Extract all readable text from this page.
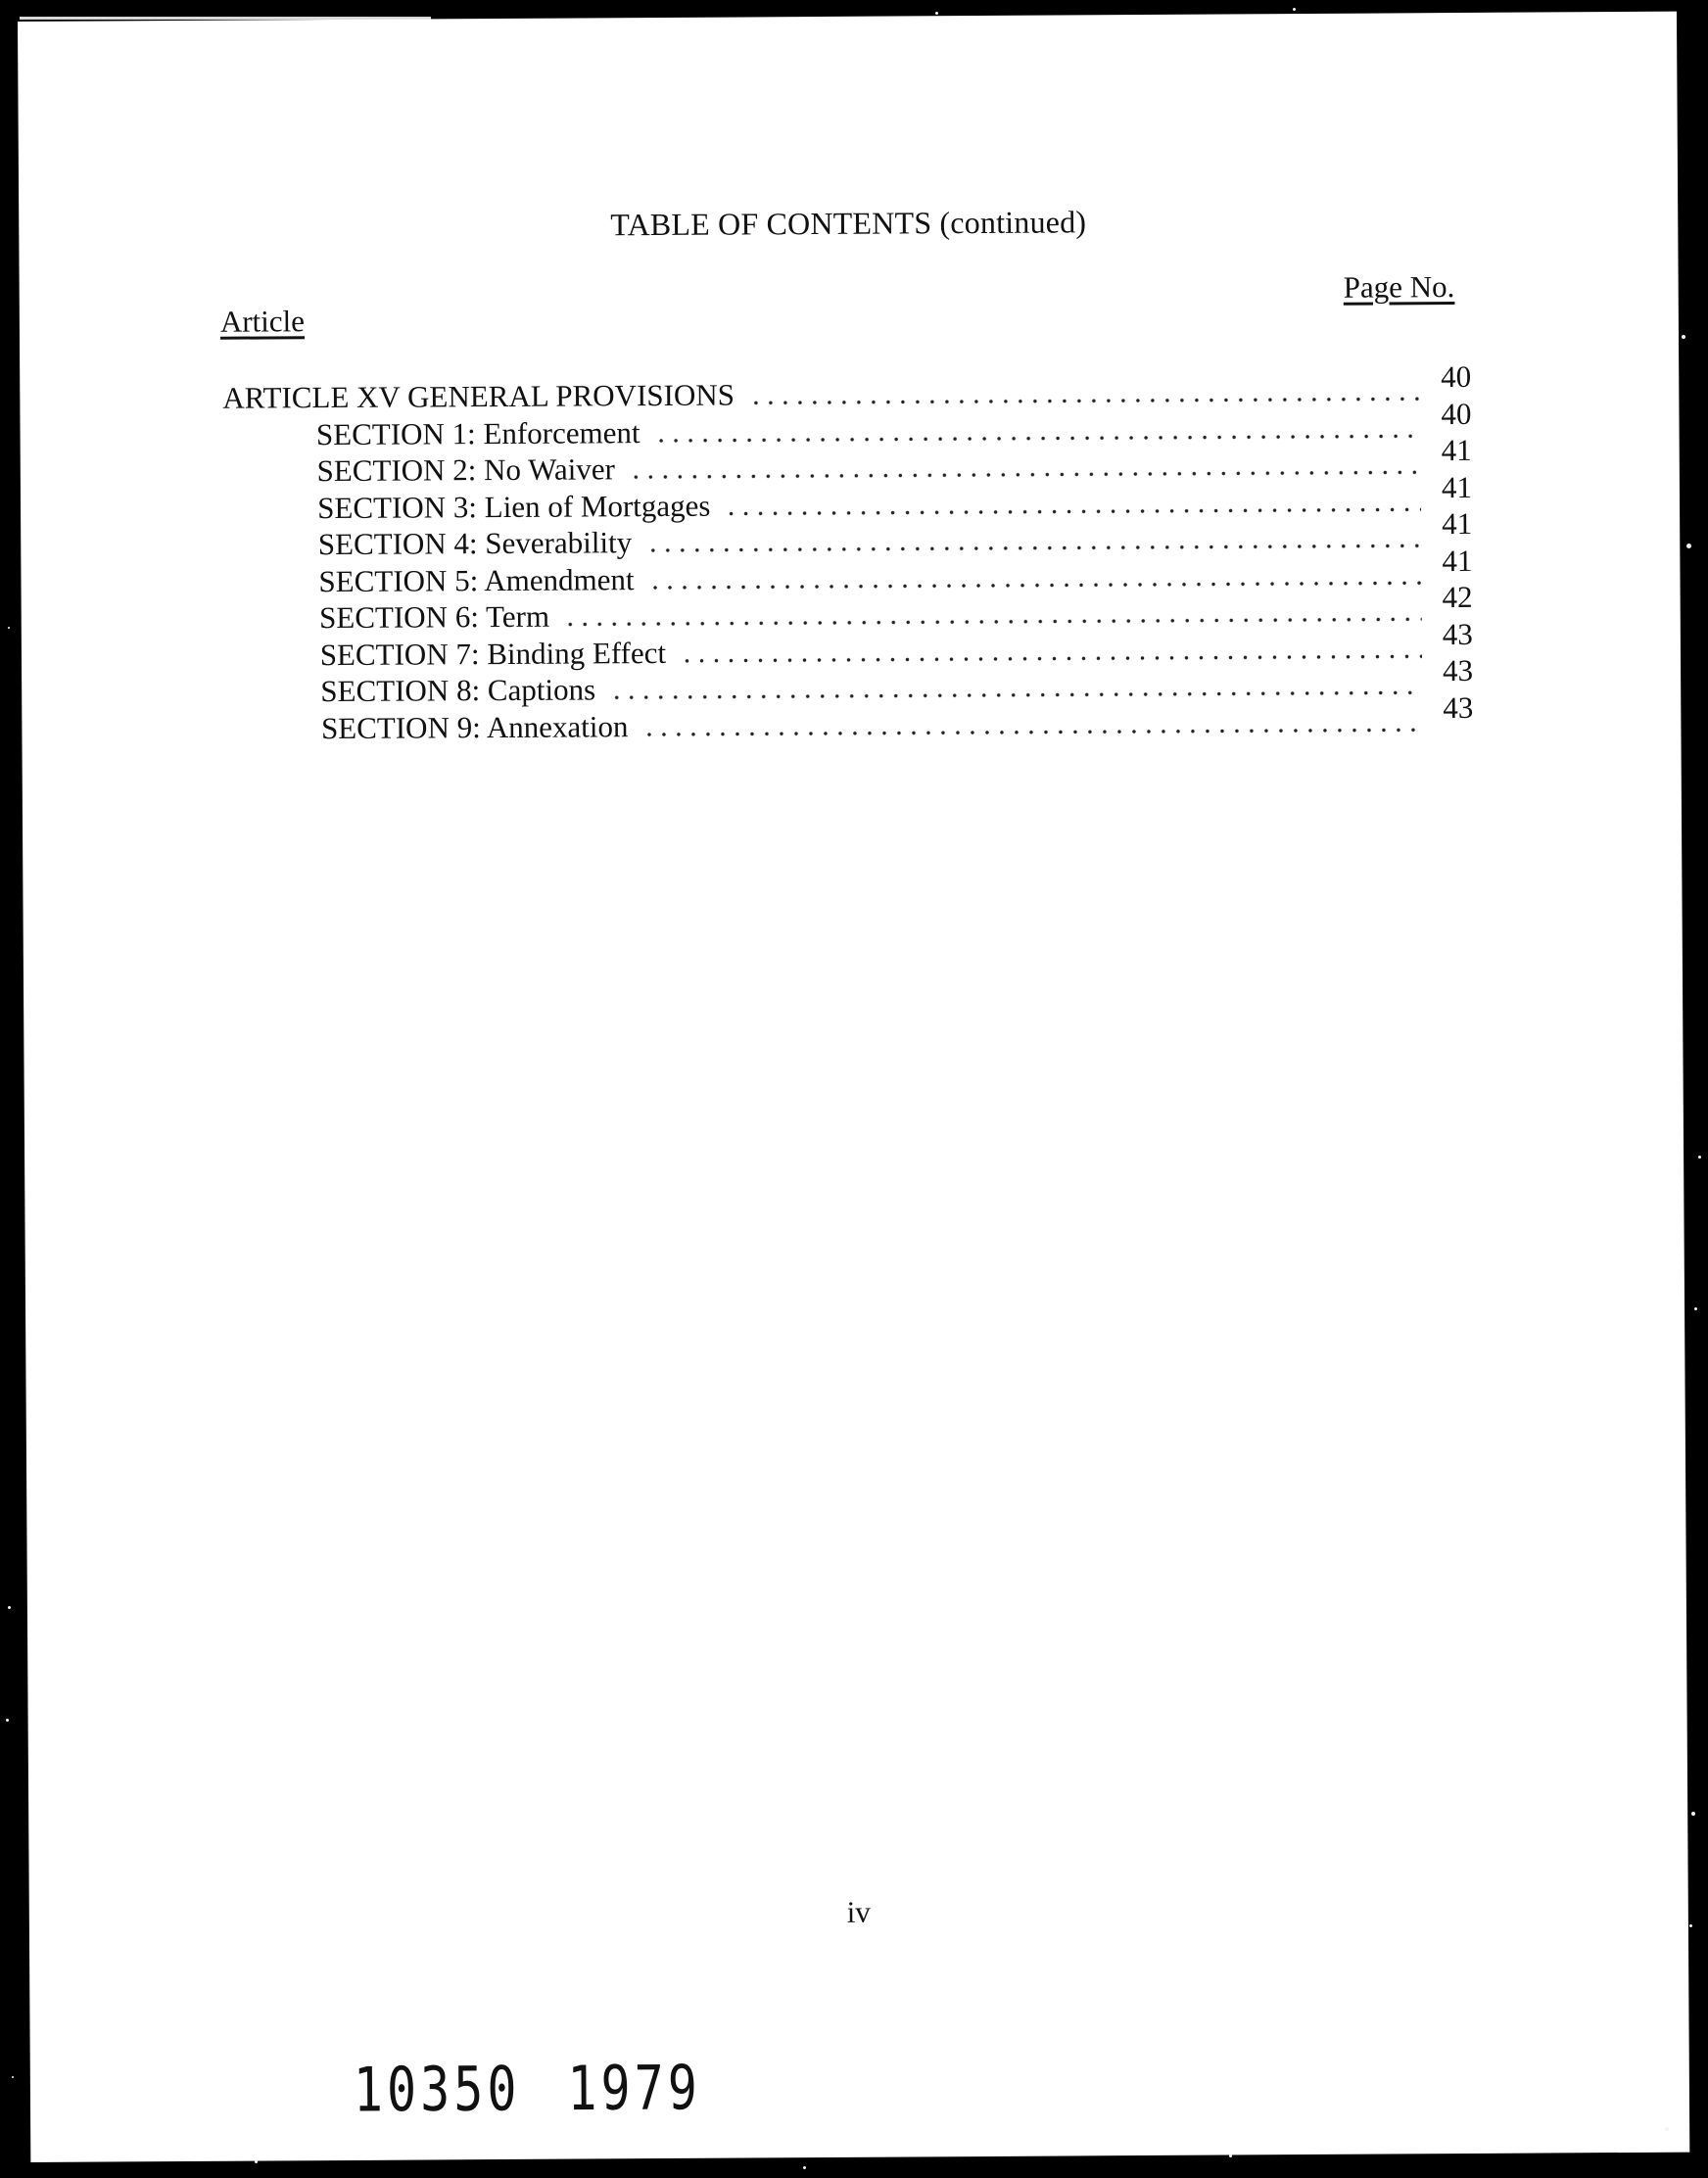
TABLE OF CONTENTS (continued)
Article
Page No.
ARTICLE XV GENERAL PROVISIONS
40
SECTION 1: Enforcement
40
SECTION 2: No Waiver
41
SECTION 3: Lien of Mortgages
41
SECTION 4: Severability
41
SECTION 5: Amendment
41
SECTION 6: Term
42
SECTION 7: Binding Effect
43
SECTION 8: Captions
43
SECTION 9: Annexation
43
iv
10350 1979
